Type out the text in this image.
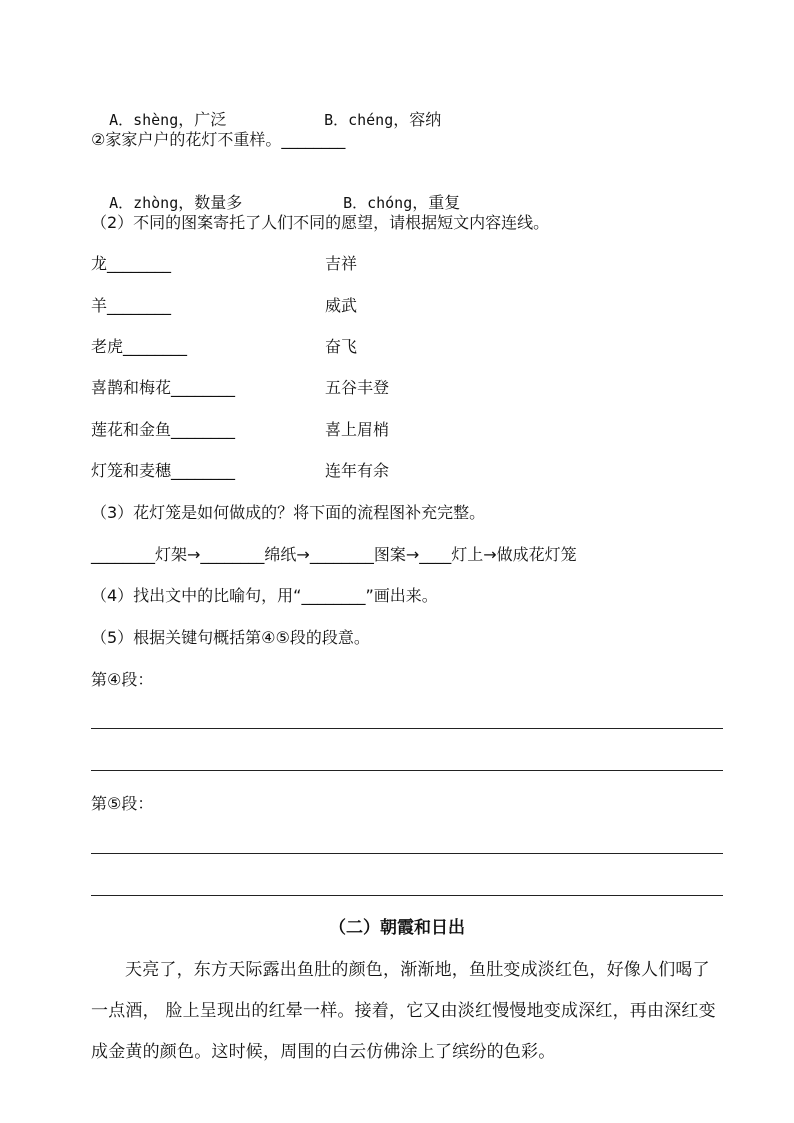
A．shèng，广泛	B．chéng，容纳

②家家户户的花灯不重样。________

A．zhòng，数量多	B．chóng，重复

（2）不同的图案寄托了人们不同的愿望，请根据短文内容连线。
龙________	吉祥
羊________	威武
老虎________	奋飞
喜鹊和梅花________	五谷丰登
莲花和金鱼________	喜上眉梢
灯笼和麦穗________	连年有余
（3）花灯笼是如何做成的？将下面的流程图补充完整。
________灯架→________绵纸→________图案→____灯上→做成花灯笼
（4）找出文中的比喻句，用“________”画出来。
（5）根据关键句概括第④⑤段的段意。
第④段：
第⑤段：
（二）朝霞和日出

天亮了，东方天际露出鱼肚的颜色，渐渐地，鱼肚变成淡红色，好像人们喝了一点酒， 脸上呈现出的红晕一样。接着，它又由淡红慢慢地变成深红，再由深红变成金黄的颜色。这时候，周围的白云仿佛涂上了缤纷的色彩。
